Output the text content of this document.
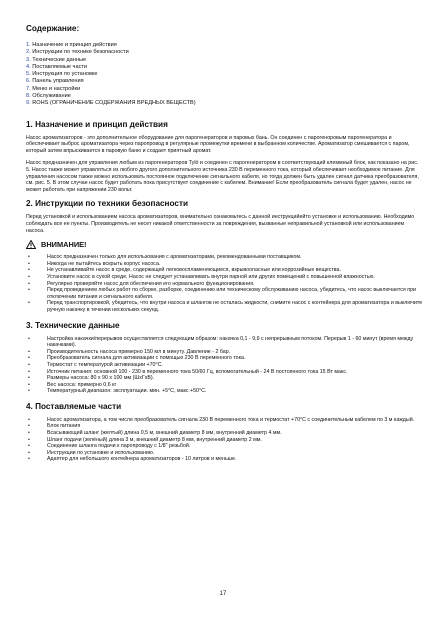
Содержание:
1. Назначение и принцип действия
2. Инструкции по технике безопасности
3. Технические данные
4. Поставляемые части
5. Инструкция по установке
6. Панель управления
7. Меню и настройки
8. Обслуживание
9. ROHS (ОГРАНИЧЕНИЕ СОДЕРЖАНИЯ ВРЕДНЫХ ВЕЩЕСТВ)
1. Назначение и принцип действия

Насос ароматизаторов - это дополнительное оборудование для парогенераторов и паровых бань. Он соединен с парогеноровым парогенератора и обеспечивает выброс ароматизатора через паропровод в регулярные промежутки времени в выбранном количестве. Ароматизатор смешивается с паром, который затем впрыскивается в паровую баню и создает приятный аромат.

Насос предназначен для управления любым из парогенераторов Tylö и соединен с парогенератором в соответствующий клеммный блок, как показано на рис. 5. Насос также может управляться из любого другого дополнительного источника 230 В переменного тока, который обеспечивает необходимое питание. Для управления насосом также можно использовать постоянное подключение сигнального кабеля, но тогда должен быть удален сигнал датчика преобразователя, см. рис. 5. В этом случае насос будет работать пока присутствует соединение с кабелем. Внимание! Если преобразователь сигнала будет удален, насос не может работать при напряжении 230 вольт.

2. Инструкции по техники безопасности

Перед установкой и использованием насоса ароматизаторов, внимательно ознакомьтесь с данной инструкцийейто установке и использованию. Необходимо соблюдать все ее пункты. Производитель не несет никакой ответственности за повреждения, вызванные неправильной установкой или использованием насоса.

ВНИМАНИЕ!
•	Насос предназначен только для использования с ароматизаторами, рекомендованными поставщиком.
•	Никогда не пытайтесь вскрыть корпус насоса.
•	Не устанавливайте насос в среде, содержащей легковоспламеняющиеся, взрывоопасные или коррозийные вещества.
•	Установите насос в сухой среде. Насос не следует устанавливать внутри парной или других помещений с повышенной влажностью.
•	Регулярно проверяйте насос для обеспечения его нормального функционирования.
•	Перед проведением любых работ по сборке, разборке, соединению или техническому обслуживанию насоса, убедитесь, что насос выключается при отключении питания и сигнального кабеля.
•	Перед транспортировкой, убедитесь, что внутри насоса и шлангов не осталась жидкости, снимите насос с контейнера для ароматизатора и выключите ручную накачку в течении нескольких секунд.
3. Технические данные
•	Настройка накачки/перерывов осуществляется следующим образом: накачка 0,1 - 9,9 с непрерывным потоком. Перерыв 1 - 60 минут (время между накачками).
•	Производительность насоса примерно 150 мл в минуту. Давление - 2 бар.
•	Преобразователь сигнала для активизации с помощью 230 В переменного тока.
•	Термостат с температурой активизации +70°С.
•	Источник питания: основной 100 - 230 в переменного тока 50/60 Гц, вспомогательный - 24 В постоянного тока 15 Вт макс.
•	Размеры насоса: 80 x 90 x 100 мм (ШхГхВ).
•	Вес насоса: примерно 0,6 кг
•	Температурный диапазон: эксплуатации. мин. +5°С, макс +50°С.
4. Поставляемые части
•	Насос ароматизатора, а том числе преобразователь сигнала 230 В переменного тока и термостат +70°С с соединительным кабелем по 3 м каждый.
•	Блок питания
•	Всасывающий шланг (желтый) длина 0,5 м, внешний диаметр 8 мм, внутренний диаметр 4 мм.
•	Шланг подачи (зелёный) длина 3 м, внешний диаметр 8 мм, внутренний диаметр 2 мм.
•	Соединение шланга подачи к паропроводу с 1/8" резьбой.
•	Инструкции по установке и использованию.
•	Адаптер для небольшого контейнера ароматизаторов - 10 литров и меньше.
17
